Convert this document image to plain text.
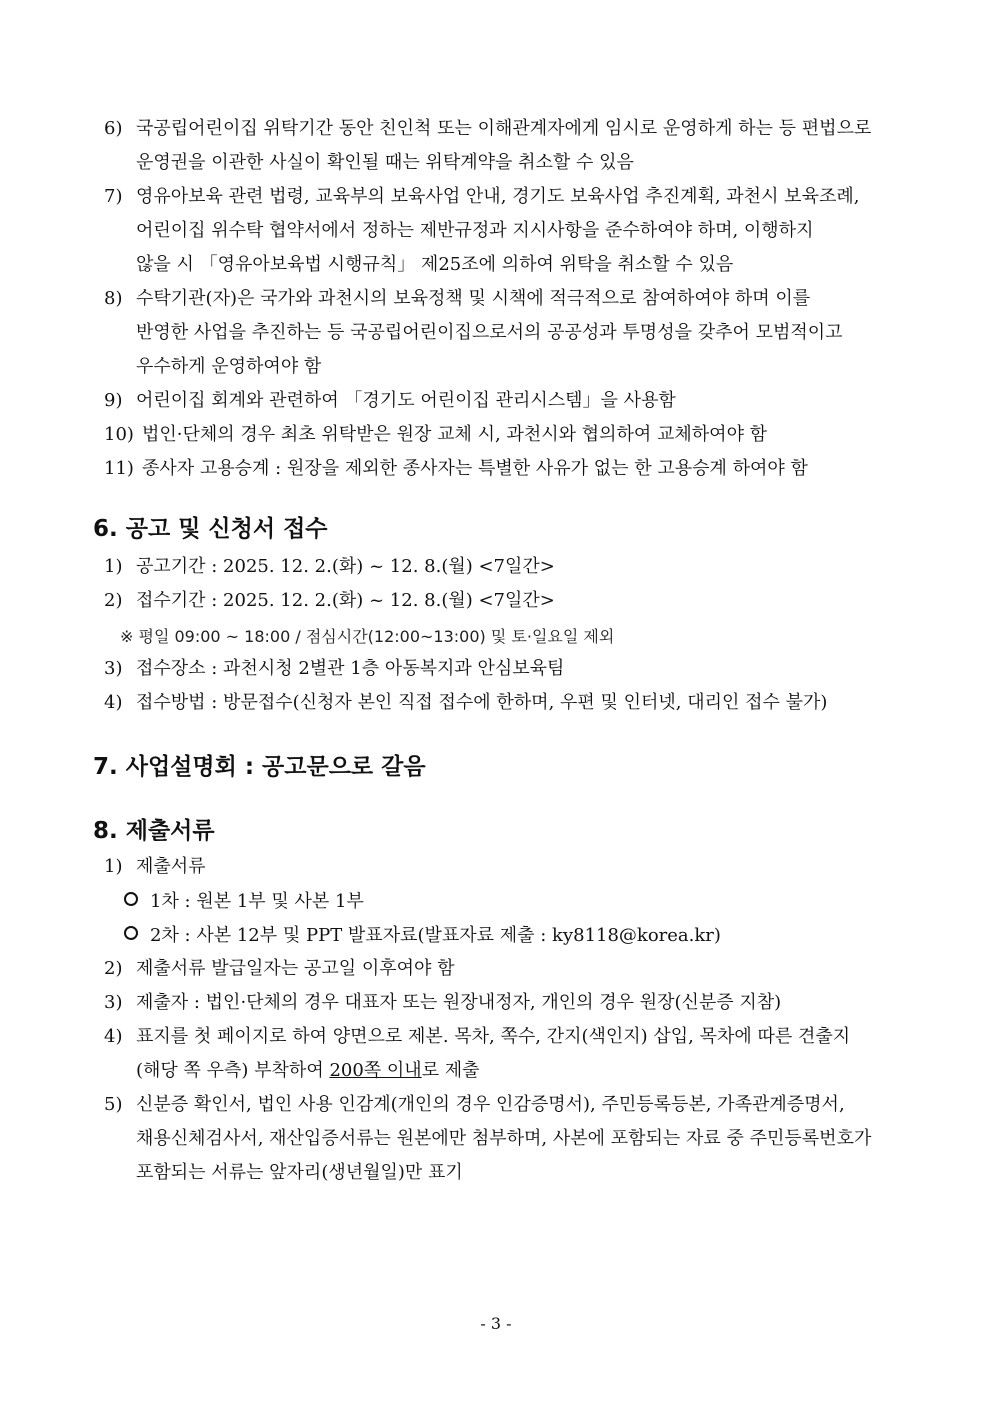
6) 국공립어린이집 위탁기간 동안 친인척 또는 이해관계자에게 임시로 운영하게 하는 등 편법으로
운영권을 이관한 사실이 확인될 때는 위탁계약을 취소할 수 있음
7) 영유아보육 관련 법령, 교육부의 보육사업 안내, 경기도 보육사업 추진계획, 과천시 보육조례,
어린이집 위수탁 협약서에서 정하는 제반규정과 지시사항을 준수하여야 하며, 이행하지
않을 시 「영유아보육법 시행규칙」 제25조에 의하여 위탁을 취소할 수 있음
8) 수탁기관(자)은 국가와 과천시의 보육정책 및 시책에 적극적으로 참여하여야 하며 이를
반영한 사업을 추진하는 등 국공립어린이집으로서의 공공성과 투명성을 갖추어 모범적이고
우수하게 운영하여야 함
9) 어린이집 회계와 관련하여 「경기도 어린이집 관리시스템」을 사용함
10) 법인·단체의 경우 최초 위탁받은 원장 교체 시, 과천시와 협의하여 교체하여야 함
11) 종사자 고용승계 : 원장을 제외한 종사자는 특별한 사유가 없는 한 고용승계 하여야 함
6. 공고 및 신청서 접수
1) 공고기간 : 2025. 12. 2.(화) ~ 12. 8.(월) <7일간>
2) 접수기간 : 2025. 12. 2.(화) ~ 12. 8.(월) <7일간>
※ 평일 09:00 ~ 18:00 / 점심시간(12:00~13:00) 및 토·일요일 제외
3) 접수장소 : 과천시청 2별관 1층 아동복지과 안심보육팀
4) 접수방법 : 방문접수(신청자 본인 직접 접수에 한하며, 우편 및 인터넷, 대리인 접수 불가)
7. 사업설명회 : 공고문으로 갈음
8. 제출서류
1) 제출서류
1차 : 원본 1부 및 사본 1부
2차 : 사본 12부 및 PPT 발표자료(발표자료 제출 : ky8118@korea.kr)
2) 제출서류 발급일자는 공고일 이후여야 함
3) 제출자 : 법인·단체의 경우 대표자 또는 원장내정자, 개인의 경우 원장(신분증 지참)
4) 표지를 첫 페이지로 하여 양면으로 제본. 목차, 쪽수, 간지(색인지) 삽입, 목차에 따른 견출지
(해당 쪽 우측) 부착하여 200쪽 이내로 제출
5) 신분증 확인서, 법인 사용 인감계(개인의 경우 인감증명서), 주민등록등본, 가족관계증명서,
채용신체검사서, 재산입증서류는 원본에만 첨부하며, 사본에 포함되는 자료 중 주민등록번호가
포함되는 서류는 앞자리(생년월일)만 표기
- 3 -
